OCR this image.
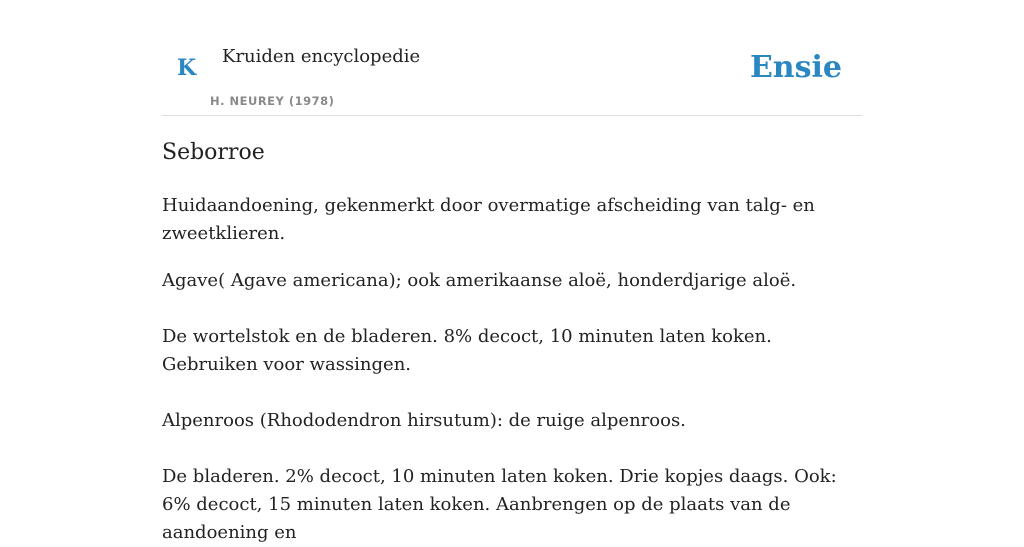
K Kruiden encyclopedie
H. NEUREY (1978)
Ensie
Seborroe

Huidaandoening, gekenmerkt door overmatige afscheiding van talg- en zweetklieren.

Agave( Agave americana); ook amerikaanse aloë, honderdjarige aloë.

De wortelstok en de bladeren. 8% decoct, 10 minuten laten koken. Gebruiken voor wassingen.

Alpenroos (Rhododendron hirsutum): de ruige alpenroos.

De bladeren. 2% decoct, 10 minuten laten koken. Drie kopjes daags. Ook: 6% decoct, 15 minuten laten koken. Aanbrengen op de plaats van de aandoening en
